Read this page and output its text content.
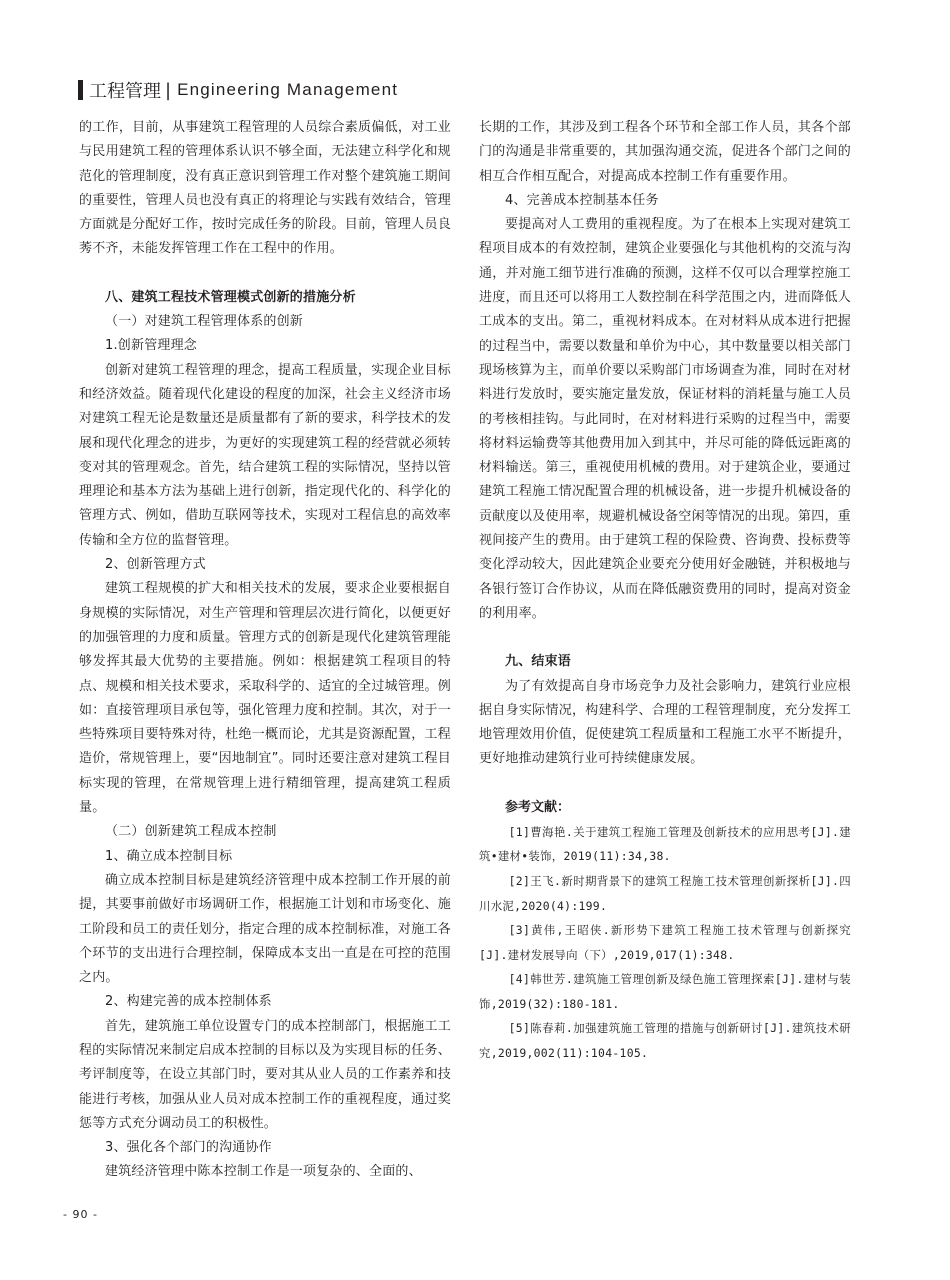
工程管理 | Engineering Management

的工作，目前，从事建筑工程管理的人员综合素质偏低，对工业与民用建筑工程的管理体系认识不够全面，无法建立科学化和规范化的管理制度，没有真正意识到管理工作对整个建筑施工期间的重要性，管理人员也没有真正的将理论与实践有效结合，管理方面就是分配好工作，按时完成任务的阶段。目前，管理人员良莠不齐，未能发挥管理工作在工程中的作用。

八、建筑工程技术管理模式创新的措施分析

（一）对建筑工程管理体系的创新

1.创新管理理念

创新对建筑工程管理的理念，提高工程质量，实现企业目标和经济效益。随着现代化建设的程度的加深，社会主义经济市场对建筑工程无论是数量还是质量都有了新的要求，科学技术的发展和现代化理念的进步，为更好的实现建筑工程的经营就必须转变对其的管理观念。首先，结合建筑工程的实际情况，坚持以管理理论和基本方法为基础上进行创新，指定现代化的、科学化的管理方式、例如，借助互联网等技术，实现对工程信息的高效率传输和全方位的监督管理。

2、创新管理方式

建筑工程规模的扩大和相关技术的发展，要求企业要根据自身规模的实际情况，对生产管理和管理层次进行简化，以便更好的加强管理的力度和质量。管理方式的创新是现代化建筑管理能够发挥其最大优势的主要措施。例如：根据建筑工程项目的特点、规模和相关技术要求，采取科学的、适宜的全过城管理。例如：直接管理项目承包等，强化管理力度和控制。其次，对于一些特殊项目要特殊对待，杜绝一概而论，尤其是资源配置，工程造价，常规管理上，要“因地制宜”。同时还要注意对建筑工程目标实现的管理，在常规管理上进行精细管理，提高建筑工程质量。

（二）创新建筑工程成本控制

1、确立成本控制目标

确立成本控制目标是建筑经济管理中成本控制工作开展的前提，其要事前做好市场调研工作，根据施工计划和市场变化、施工阶段和员工的责任划分，指定合理的成本控制标准，对施工各个环节的支出进行合理控制，保障成本支出一直是在可控的范围之内。

2、构建完善的成本控制体系

首先，建筑施工单位设置专门的成本控制部门，根据施工工程的实际情况来制定启成本控制的目标以及为实现目标的任务、考评制度等，在设立其部门时，要对其从业人员的工作素养和技能进行考核，加强从业人员对成本控制工作的重视程度，通过奖惩等方式充分调动员工的积极性。

3、强化各个部门的沟通协作

建筑经济管理中陈本控制工作是一项复杂的、全面的、

长期的工作，其涉及到工程各个环节和全部工作人员，其各个部门的沟通是非常重要的，其加强沟通交流，促进各个部门之间的相互合作相互配合，对提高成本控制工作有重要作用。

4、完善成本控制基本任务

要提高对人工费用的重视程度。为了在根本上实现对建筑工程项目成本的有效控制，建筑企业要强化与其他机构的交流与沟通，并对施工细节进行准确的预测，这样不仅可以合理掌控施工进度，而且还可以将用工人数控制在科学范围之内，进而降低人工成本的支出。第二，重视材料成本。在对材料从成本进行把握的过程当中，需要以数量和单价为中心，其中数量要以相关部门现场核算为主，而单价要以采购部门市场调查为准，同时在对材料进行发放时，要实施定量发放，保证材料的消耗量与施工人员的考核相挂钩。与此同时，在对材料进行采购的过程当中，需要将材料运输费等其他费用加入到其中，并尽可能的降低远距离的材料输送。第三，重视使用机械的费用。对于建筑企业，要通过建筑工程施工情况配置合理的机械设备，进一步提升机械设备的贡献度以及使用率，规避机械设备空闲等情况的出现。第四，重视间接产生的费用。由于建筑工程的保险费、咨询费、投标费等变化浮动较大，因此建筑企业要充分使用好金融链，并积极地与各银行签订合作协议，从而在降低融资费用的同时，提高对资金的利用率。

九、结束语

为了有效提高自身市场竞争力及社会影响力，建筑行业应根据自身实际情况，构建科学、合理的工程管理制度，充分发挥工地管理效用价值，促使建筑工程质量和工程施工水平不断提升，更好地推动建筑行业可持续健康发展。

参考文献：

[1]曹海艳.关于建筑工程施工管理及创新技术的应用思考[J].建筑•建材•装饰，2019(11):34,38.

[2]王飞.新时期背景下的建筑工程施工技术管理创新探析[J].四川水泥,2020(4):199.

[3]黄伟,王昭侠.新形势下建筑工程施工技术管理与创新探究[J].建材发展导向（下）,2019,017(1):348.

[4]韩世芳.建筑施工管理创新及绿色施工管理探索[J].建材与装饰,2019(32):180-181.

[5]陈春莉.加强建筑施工管理的措施与创新研讨[J].建筑技术研究,2019,002(11):104-105.

- 90 -
